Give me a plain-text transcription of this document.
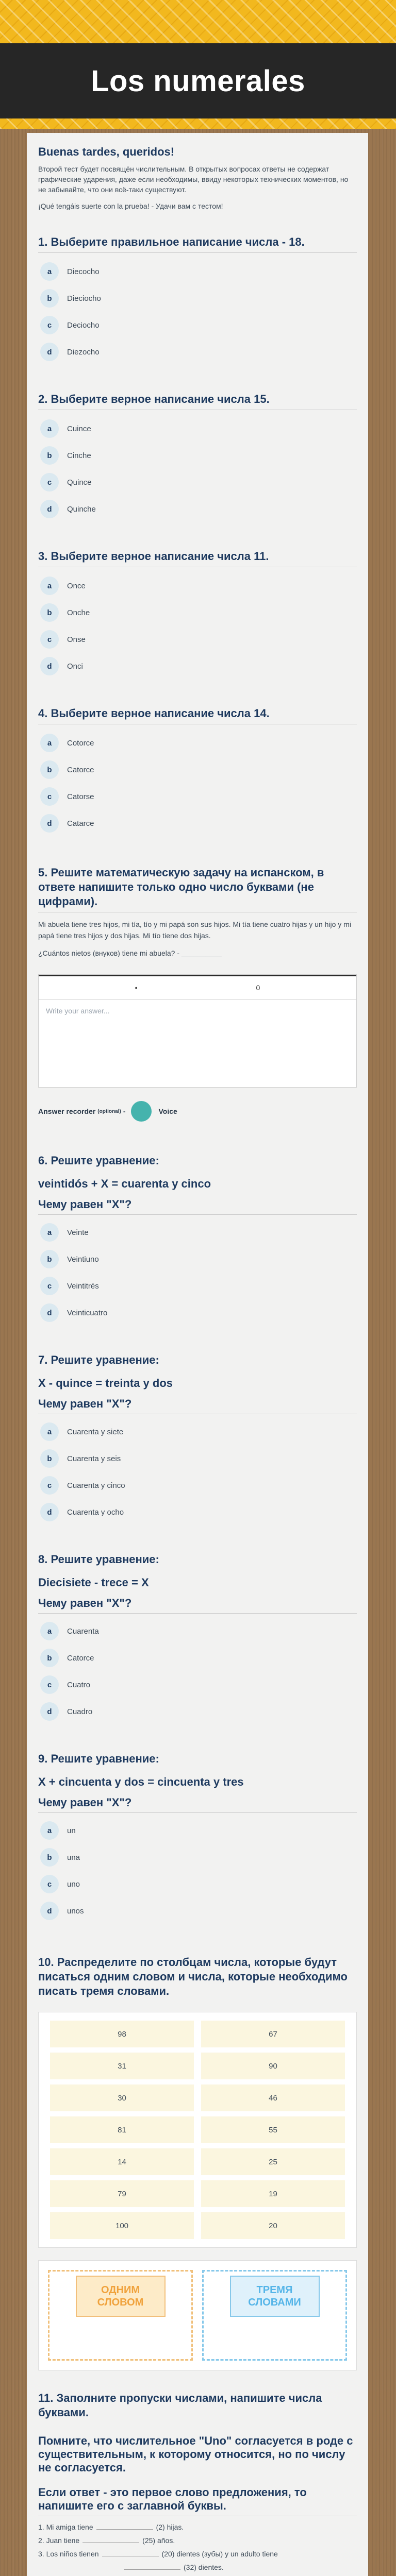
Los numerales
Buenas tardes, queridos!

Второй тест будет посвящён числительным. В открытых вопросах ответы не содержат графические ударения, даже если необходимы, ввиду некоторых технических моментов, но не забывайте, что они всё-таки существуют.

¡Qué tengáis suerte con la prueba! - Удачи вам с тестом!

1. Выберите правильное написание числа - 18.
a	Diecocho
b	Dieciocho
c	Deciocho
d	Diezocho
2. Выберите верное написание числа 15.
a	Cuince
b	Cinche
c	Quince
d	Quinche
3. Выберите верное написание числа 11.
a	Once
b	Onche
c	Onse
d	Onci
4. Выберите верное написание числа 14.
a	Cotorce
b	Catorce
c	Catorse
d	Catarce
5. Решите математическую задачу на испанском, в ответе напишите только одно число буквами (не цифрами).

Mi abuela tiene tres hijos, mi tía, tío y mi papá son sus hijos. Mi tía tiene cuatro hijas y un hijo y mi papá tiene tres hijos y dos hijas. Mi tío tiene dos hijas.

¿Cuántos nietos (внуков) tiene mi abuela? - __________

•	0
Write your answer...
Answer recorder (optional) -	Voice
6. Решите уравнение:

veintidós + X = cuarenta y cinco

Чему равен "X"?

a	Veinte
b	Veintiuno
c	Veintitrés
d	Veinticuatro
7. Решите уравнение:

X - quince = treinta y dos

Чему равен "X"?

a	Cuarenta y siete
b	Cuarenta y seis
c	Cuarenta y cinco
d	Cuarenta y ocho
8. Решите уравнение:

Diecisiete - trece = X

Чему равен "X"?

a	Cuarenta
b	Catorce
c	Cuatro
d	Cuadro
9. Решите уравнение:

X + cincuenta y dos = cincuenta y tres

Чему равен "X"?

a	un
b	una
c	uno
d	unos
10. Распределите по столбцам числа, которые будут писаться одним словом и числа, которые необходимо писать тремя словами.
98	67
31	90
30	46
81	55
14	25
79	19
100	20
ОДНИМ СЛОВОМ
ТРЕМЯ СЛОВАМИ
11. Заполните пропуски числами, напишите числа буквами.

Помните, что числительное "Uno" согласуется в роде с существительным, к которому относится, но по числу не согласуется.

Если ответ - это первое слово предложения, то напишите его с заглавной буквы.

1. Mi amiga tiene	(2) hijas.
2. Juan tiene	(25) años.
3. Los niños tienen	(20) dientes (зубы) y un adulto tiene
(32) dientes.
